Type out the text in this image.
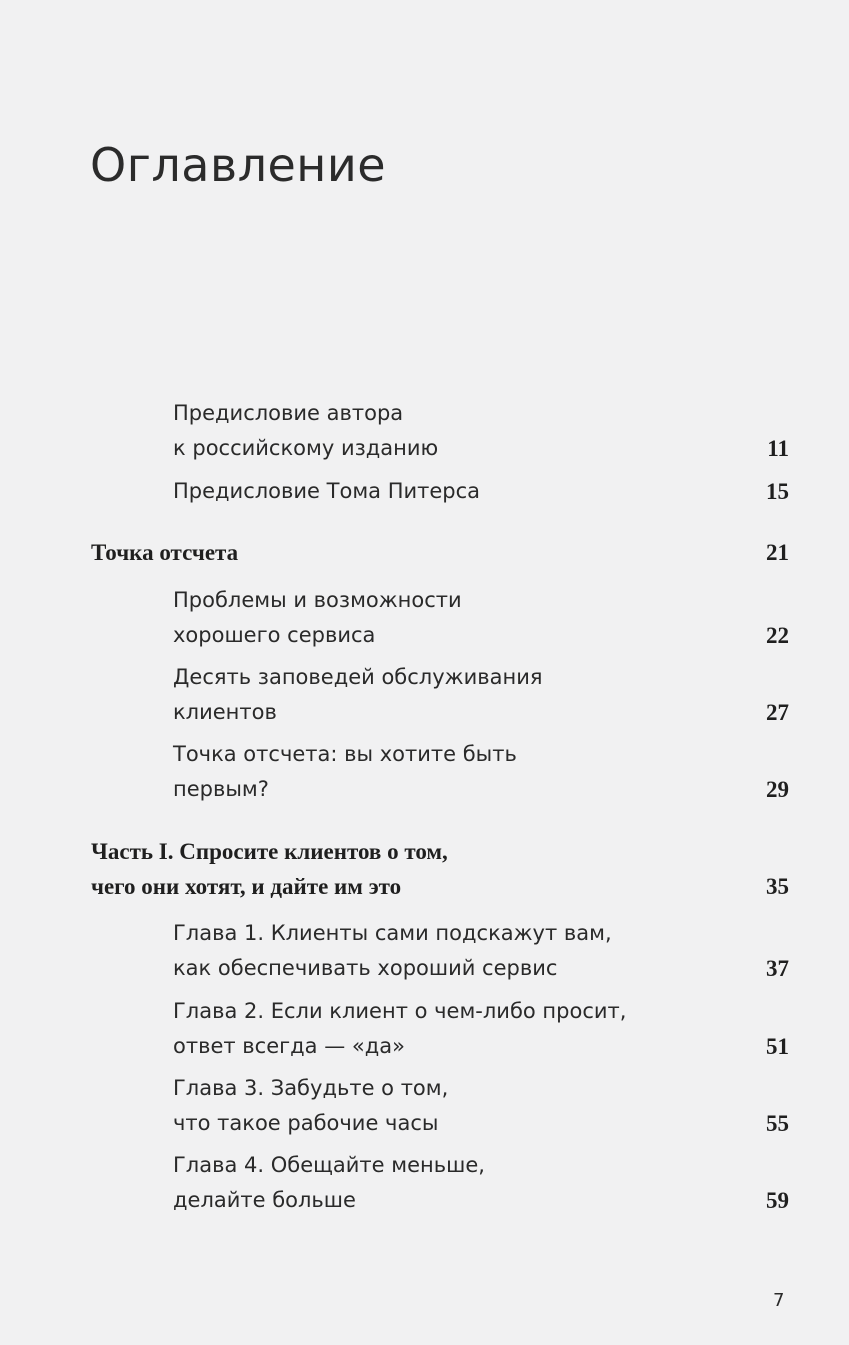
Оглавление
Предисловие автора
к российскому изданию	11
Предисловие Тома Питерса	15
Точка отсчета	21
Проблемы и возможности
хорошего сервиса	22
Десять заповедей обслуживания
клиентов	27
Точка отсчета: вы хотите быть
первым?	29
Часть I. Спросите клиентов о том,
чего они хотят, и дайте им это	35
Глава 1. Клиенты сами подскажут вам,
как обеспечивать хороший сервис	37
Глава 2. Если клиент о чем-либо просит,
ответ всегда — «да»	51
Глава 3. Забудьте о том,
что такое рабочие часы	55
Глава 4. Обещайте меньше,
делайте больше	59
7
